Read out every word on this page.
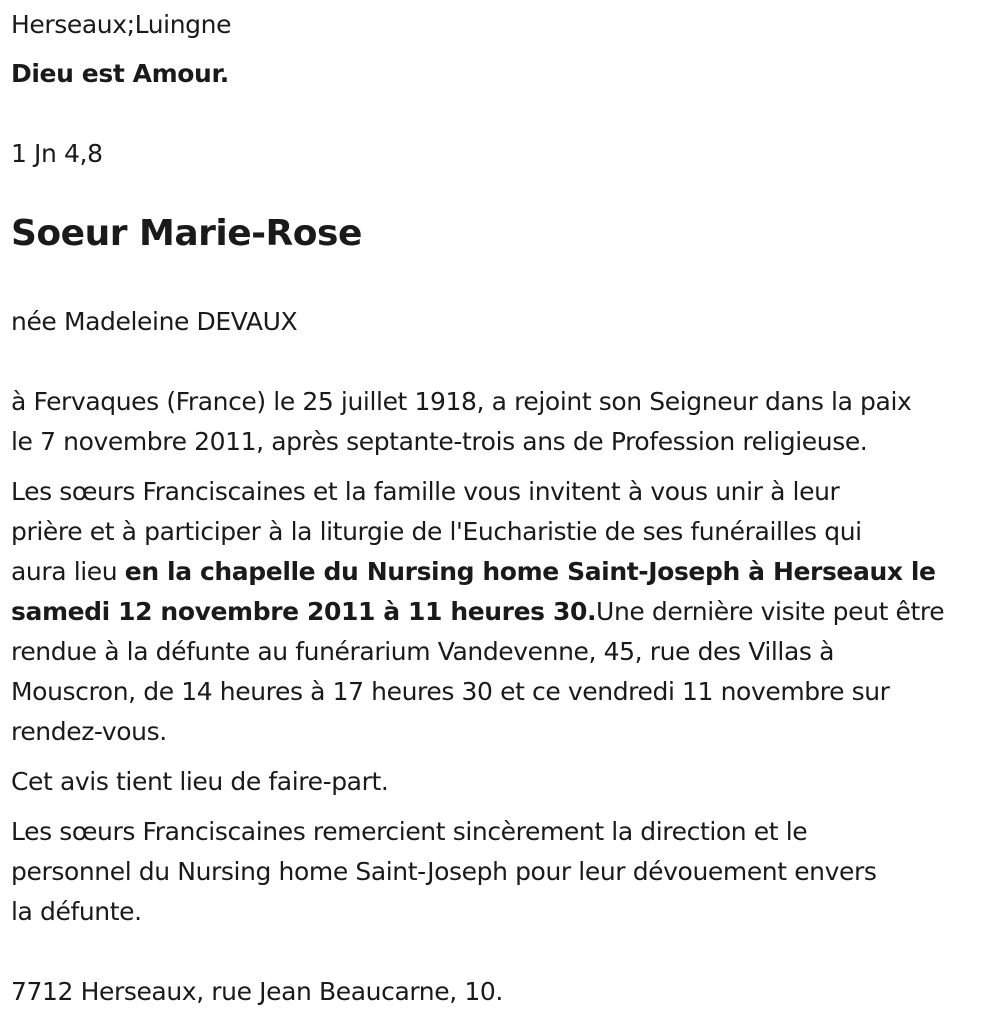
Herseaux;Luingne
Dieu est Amour.
1 Jn 4,8
Soeur Marie-Rose
née Madeleine DEVAUX

à Fervaques (France) le 25 juillet 1918, a rejoint son Seigneur dans la paix

le 7 novembre 2011, après septante-trois ans de Profession religieuse.

Les sœurs Franciscaines et la famille vous invitent à vous unir à leur

prière et à participer à la liturgie de l'Eucharistie de ses funérailles qui

aura lieu en la chapelle du Nursing home Saint-Joseph à Herseaux le

samedi 12 novembre 2011 à 11 heures 30.Une dernière visite peut être

rendue à la défunte au funérarium Vandevenne, 45, rue des Villas à

Mouscron, de 14 heures à 17 heures 30 et ce vendredi 11 novembre sur

rendez-vous.

Cet avis tient lieu de faire-part.

Les sœurs Franciscaines remercient sincèrement la direction et le

personnel du Nursing home Saint-Joseph pour leur dévouement envers

la défunte.

7712 Herseaux, rue Jean Beaucarne, 10.
